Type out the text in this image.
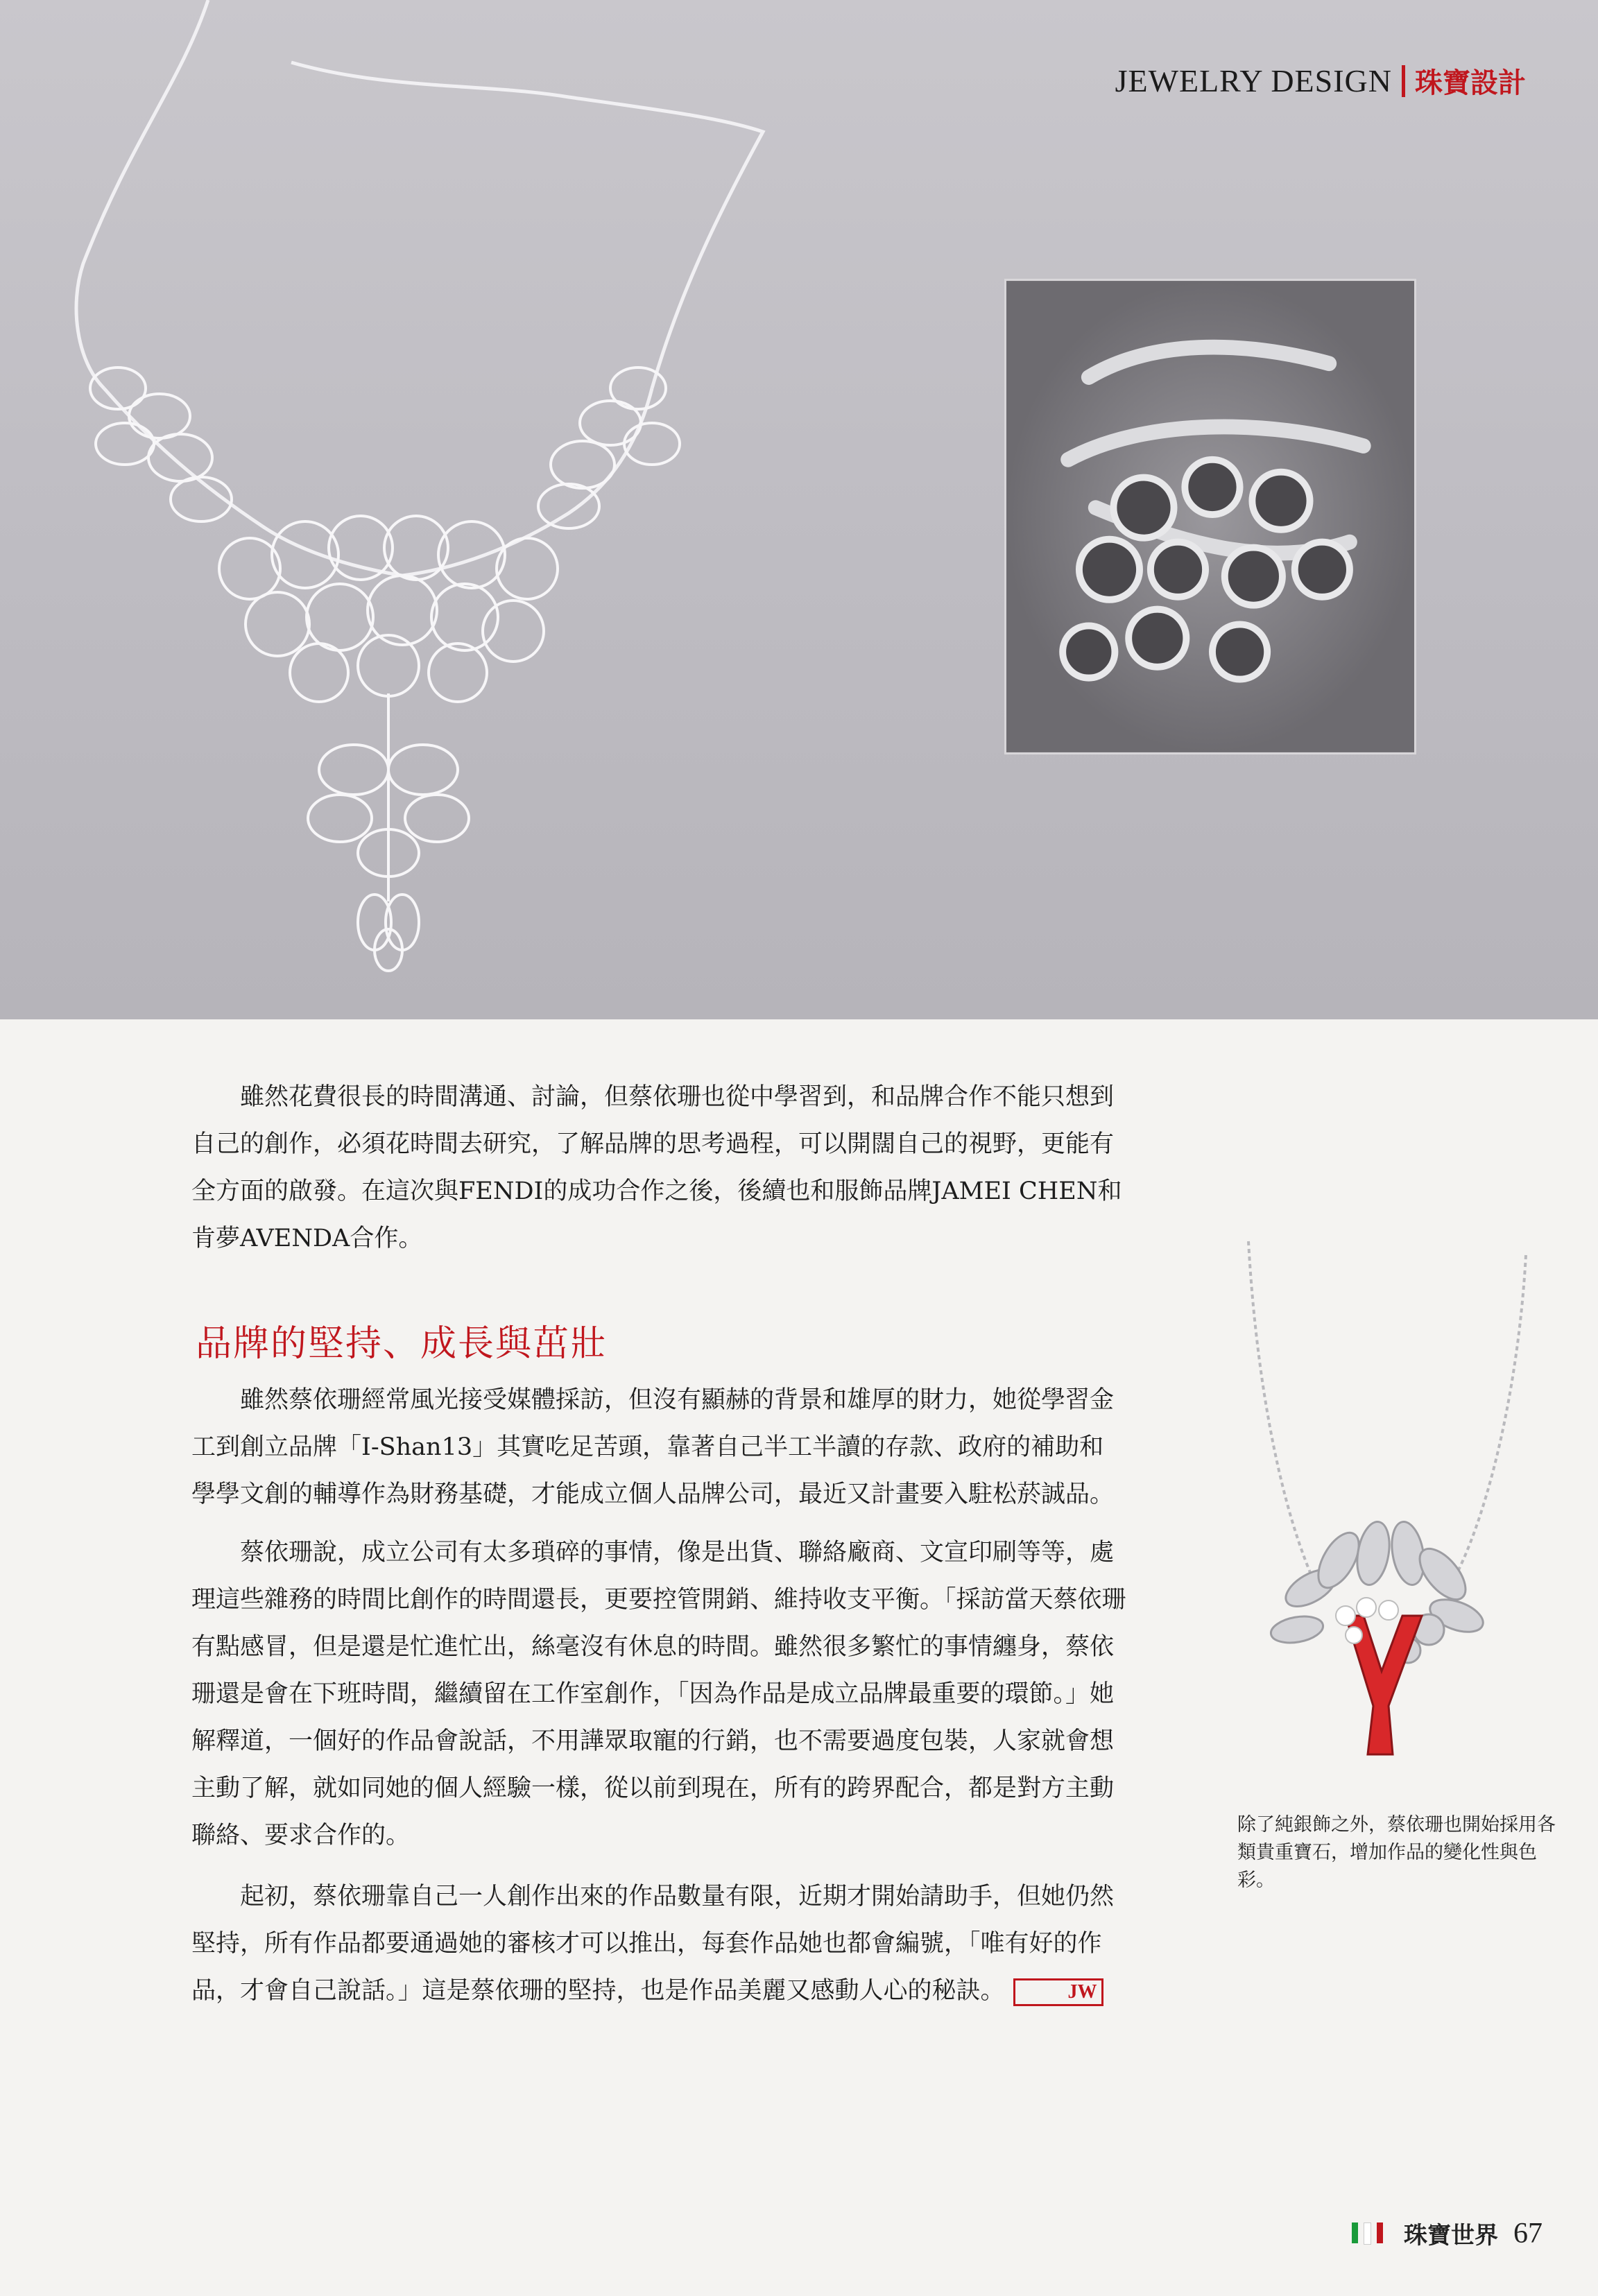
JEWELRY DESIGN 珠寶設計

雖然花費很長的時間溝通、討論，但蔡依珊也從中學習到，和品牌合作不能只想到自己的創作，必須花時間去研究，了解品牌的思考過程，可以開闊自己的視野，更能有全方面的啟發。在這次與FENDI的成功合作之後，後續也和服飾品牌JAMEI CHEN和肯夢AVENDA合作。

品牌的堅持、成長與茁壯

雖然蔡依珊經常風光接受媒體採訪，但沒有顯赫的背景和雄厚的財力，她從學習金工到創立品牌「I-Shan13」其實吃足苦頭，靠著自己半工半讀的存款、政府的補助和學學文創的輔導作為財務基礎，才能成立個人品牌公司，最近又計畫要入駐松菸誠品。

蔡依珊說，成立公司有太多瑣碎的事情，像是出貨、聯絡廠商、文宣印刷等等，處理這些雜務的時間比創作的時間還長，更要控管開銷、維持收支平衡。「採訪當天蔡依珊有點感冒，但是還是忙進忙出，絲毫沒有休息的時間。雖然很多繁忙的事情纏身，蔡依珊還是會在下班時間，繼續留在工作室創作，「因為作品是成立品牌最重要的環節。」她解釋道，一個好的作品會說話，不用譁眾取寵的行銷，也不需要過度包裝，人家就會想主動了解，就如同她的個人經驗一樣，從以前到現在，所有的跨界配合，都是對方主動聯絡、要求合作的。

起初，蔡依珊靠自己一人創作出來的作品數量有限，近期才開始請助手，但她仍然堅持，所有作品都要通過她的審核才可以推出，每套作品她也都會編號，「唯有好的作品，才會自己說話。」這是蔡依珊的堅持，也是作品美麗又感動人心的秘訣。	JW

除了純銀飾之外，蔡依珊也開始採用各類貴重寶石，增加作品的變化性與色彩。
珠寶世界 67
